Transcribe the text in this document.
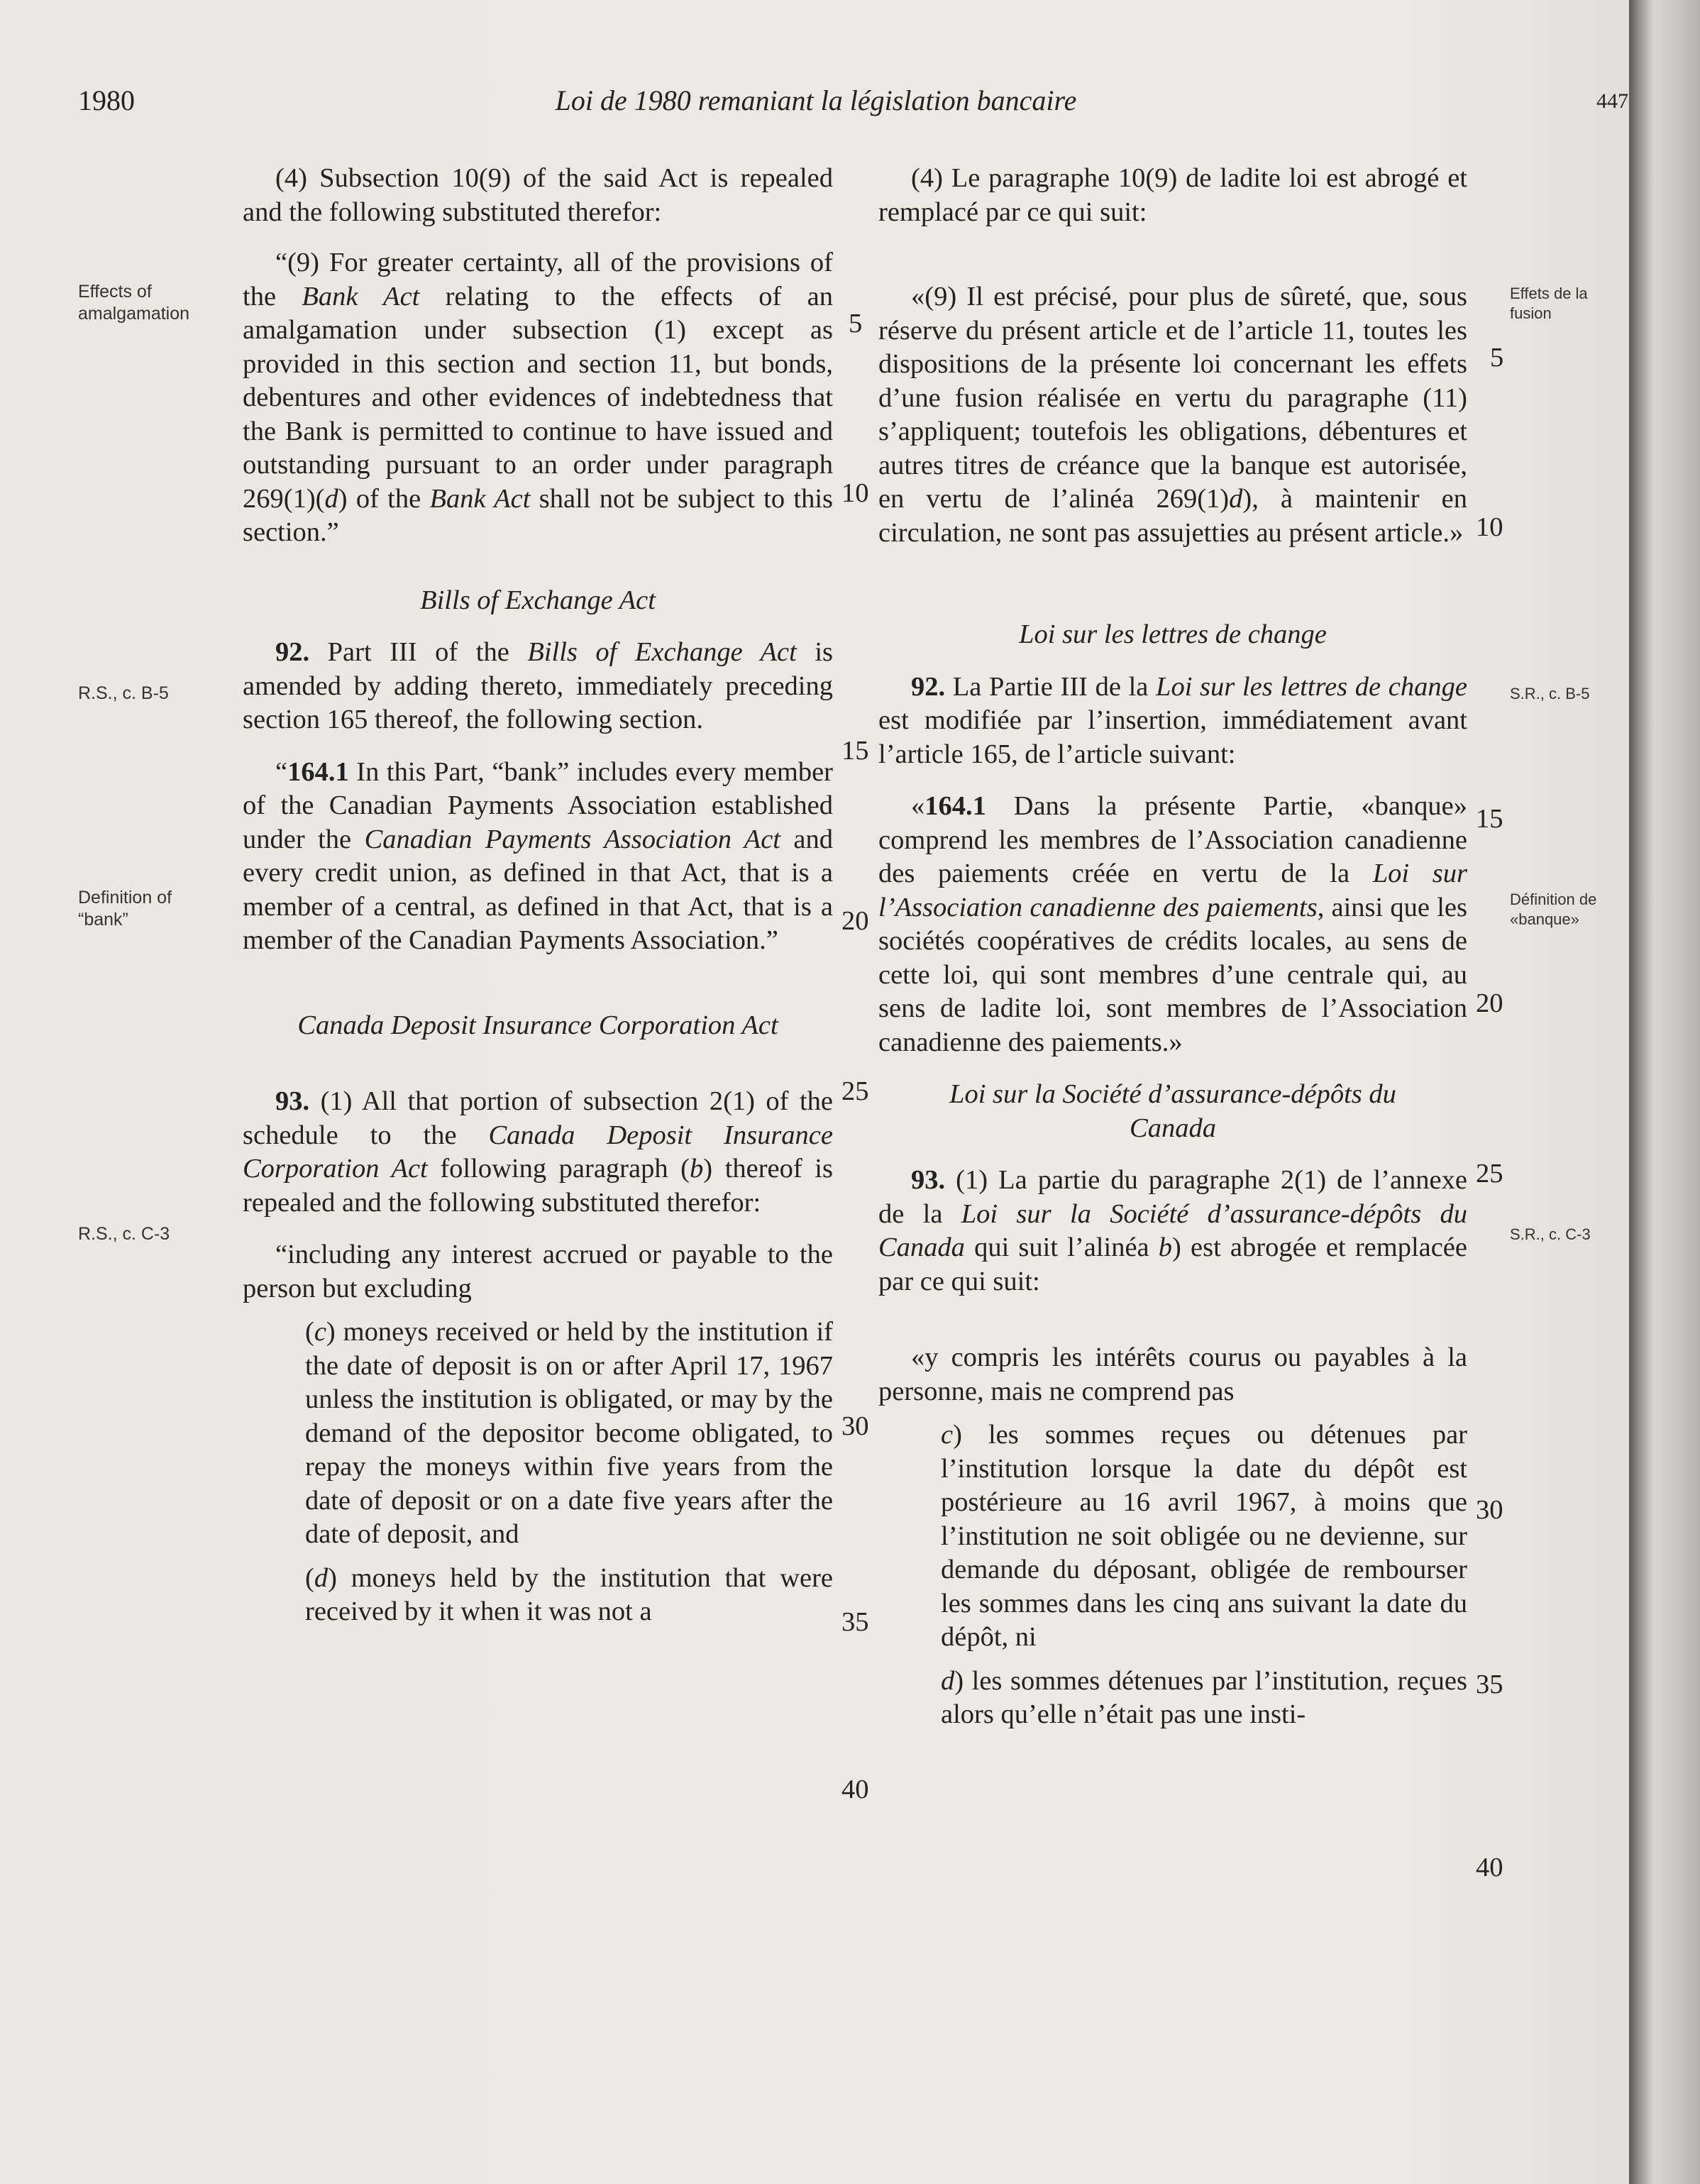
1980	Loi de 1980 remaniant la législation bancaire	447
Effects of amalgamation
R.S., c. B-5
Definition of “bank”
R.S., c. C-3
Effets de la fusion
S.R., c. B-5
Définition de «banque»
S.R., c. C-3

(4) Subsection 10(9) of the said Act is repealed and the following substituted therefor:

“(9) For greater certainty, all of the provisions of the Bank Act relating to the effects of an amalgamation under subsection (1) except as provided in this section and section 11, but bonds, debentures and other evidences of indebtedness that the Bank is permitted to continue to have issued and outstanding pursuant to an order under paragraph 269(1)(d) of the Bank Act shall not be subject to this section.”

Bills of Exchange Act

92. Part III of the Bills of Exchange Act is amended by adding thereto, immediately preceding section 165 thereof, the following section.

“164.1 In this Part, “bank” includes every member of the Canadian Payments Association established under the Canadian Payments Association Act and every credit union, as defined in that Act, that is a member of a central, as defined in that Act, that is a member of the Canadian Payments Association.”

Canada Deposit Insurance Corporation Act

93. (1) All that portion of subsection 2(1) of the schedule to the Canada Deposit Insurance Corporation Act following paragraph (b) thereof is repealed and the following substituted therefor:

“including any interest accrued or payable to the person but excluding

(c) moneys received or held by the institution if the date of deposit is on or after April 17, 1967 unless the institution is obligated, or may by the demand of the depositor become obligated, to repay the moneys within five years from the date of deposit or on a date five years after the date of deposit, and

(d) moneys held by the institution that were received by it when it was not a

(4) Le paragraphe 10(9) de ladite loi est abrogé et remplacé par ce qui suit:

«(9) Il est précisé, pour plus de sûreté, que, sous réserve du présent article et de l’article 11, toutes les dispositions de la présente loi concernant les effets d’une fusion réalisée en vertu du paragraphe (11) s’appliquent; toutefois les obligations, débentures et autres titres de créance que la banque est autorisée, en vertu de l’alinéa 269(1)d), à maintenir en circulation, ne sont pas assujetties au présent article.»

Loi sur les lettres de change

92. La Partie III de la Loi sur les lettres de change est modifiée par l’insertion, immédiatement avant l’article 165, de l’article suivant:

«164.1 Dans la présente Partie, «banque» comprend les membres de l’Association canadienne des paiements créée en vertu de la Loi sur l’Association canadienne des paiements, ainsi que les sociétés coopératives de crédits locales, au sens de cette loi, qui sont membres d’une centrale qui, au sens de ladite loi, sont membres de l’Association canadienne des paiements.»

Loi sur la Société d’assurance-dépôts du
Canada

93. (1) La partie du paragraphe 2(1) de l’annexe de la Loi sur la Société d’assurance-dépôts du Canada qui suit l’alinéa b) est abrogée et remplacée par ce qui suit:

«y compris les intérêts courus ou payables à la personne, mais ne comprend pas

c) les sommes reçues ou détenues par l’institution lorsque la date du dépôt est postérieure au 16 avril 1967, à moins que l’institution ne soit obligée ou ne devienne, sur demande du déposant, obligée de rembourser les sommes dans les cinq ans suivant la date du dépôt, ni

d) les sommes détenues par l’institution, reçues alors qu’elle n’était pas une insti-

5
10
15
20
25
30
35
40
5
10
15
20
25
30
35
40
